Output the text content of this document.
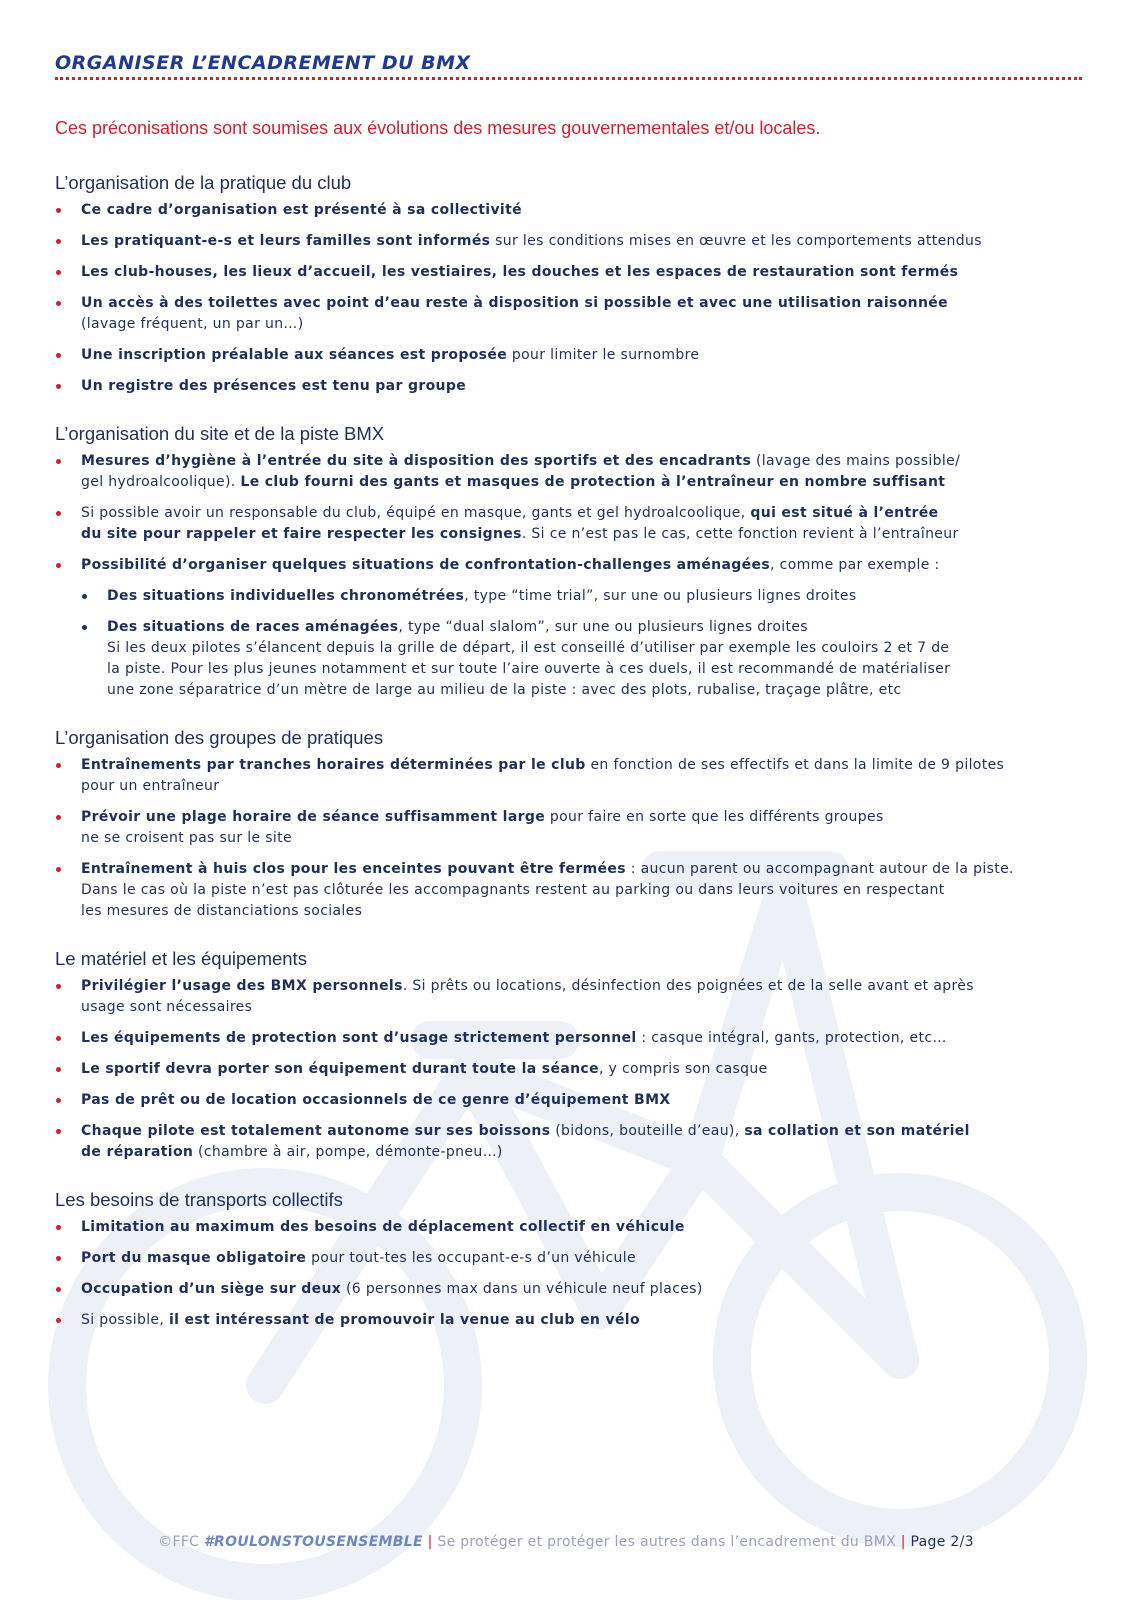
ORGANISER L’ENCADREMENT DU BMX

Ces préconisations sont soumises aux évolutions des mesures gouvernementales et/ou locales.

L’organisation de la pratique du club
Ce cadre d’organisation est présenté à sa collectivité
Les pratiquant-e-s et leurs familles sont informés sur les conditions mises en œuvre et les comportements attendus
Les club-houses, les lieux d’accueil, les vestiaires, les douches et les espaces de restauration sont fermés
Un accès à des toilettes avec point d’eau reste à disposition si possible et avec une utilisation raisonnée
(lavage fréquent, un par un…)
Une inscription préalable aux séances est proposée pour limiter le surnombre
Un registre des présences est tenu par groupe
L’organisation du site et de la piste BMX
Mesures d’hygiène à l’entrée du site à disposition des sportifs et des encadrants (lavage des mains possible/
gel hydroalcoolique). Le club fourni des gants et masques de protection à l’entraîneur en nombre suffisant
Si possible avoir un responsable du club, équipé en masque, gants et gel hydroalcoolique, qui est situé à l’entrée
du site pour rappeler et faire respecter les consignes. Si ce n’est pas le cas, cette fonction revient à l’entraîneur
Possibilité d’organiser quelques situations de confrontation-challenges aménagées, comme par exemple :
Des situations individuelles chronométrées, type “time trial”, sur une ou plusieurs lignes droites
Des situations de races aménagées, type “dual slalom”, sur une ou plusieurs lignes droites
Si les deux pilotes s’élancent depuis la grille de départ, il est conseillé d’utiliser par exemple les couloirs 2 et 7 de
la piste. Pour les plus jeunes notamment et sur toute l’aire ouverte à ces duels, il est recommandé de matérialiser
une zone séparatrice d’un mètre de large au milieu de la piste : avec des plots, rubalise, traçage plâtre, etc
L’organisation des groupes de pratiques
Entraînements par tranches horaires déterminées par le club en fonction de ses effectifs et dans la limite de 9 pilotes
pour un entraîneur
Prévoir une plage horaire de séance suffisamment large pour faire en sorte que les différents groupes
ne se croisent pas sur le site
Entraînement à huis clos pour les enceintes pouvant être fermées : aucun parent ou accompagnant autour de la piste.
Dans le cas où la piste n’est pas clôturée les accompagnants restent au parking ou dans leurs voitures en respectant
les mesures de distanciations sociales
Le matériel et les équipements
Privilégier l’usage des BMX personnels. Si prêts ou locations, désinfection des poignées et de la selle avant et après
usage sont nécessaires
Les équipements de protection sont d’usage strictement personnel : casque intégral, gants, protection, etc…
Le sportif devra porter son équipement durant toute la séance, y compris son casque
Pas de prêt ou de location occasionnels de ce genre d’équipement BMX
Chaque pilote est totalement autonome sur ses boissons (bidons, bouteille d’eau), sa collation et son matériel
de réparation (chambre à air, pompe, démonte-pneu…)
Les besoins de transports collectifs
Limitation au maximum des besoins de déplacement collectif en véhicule
Port du masque obligatoire pour tout-tes les occupant-e-s d’un véhicule
Occupation d’un siège sur deux (6 personnes max dans un véhicule neuf places)
Si possible, il est intéressant de promouvoir la venue au club en vélo

©FFC #ROULONSTOUSENSEMBLE | Se protéger et protéger les autres dans l’encadrement du BMX | Page 2/3
